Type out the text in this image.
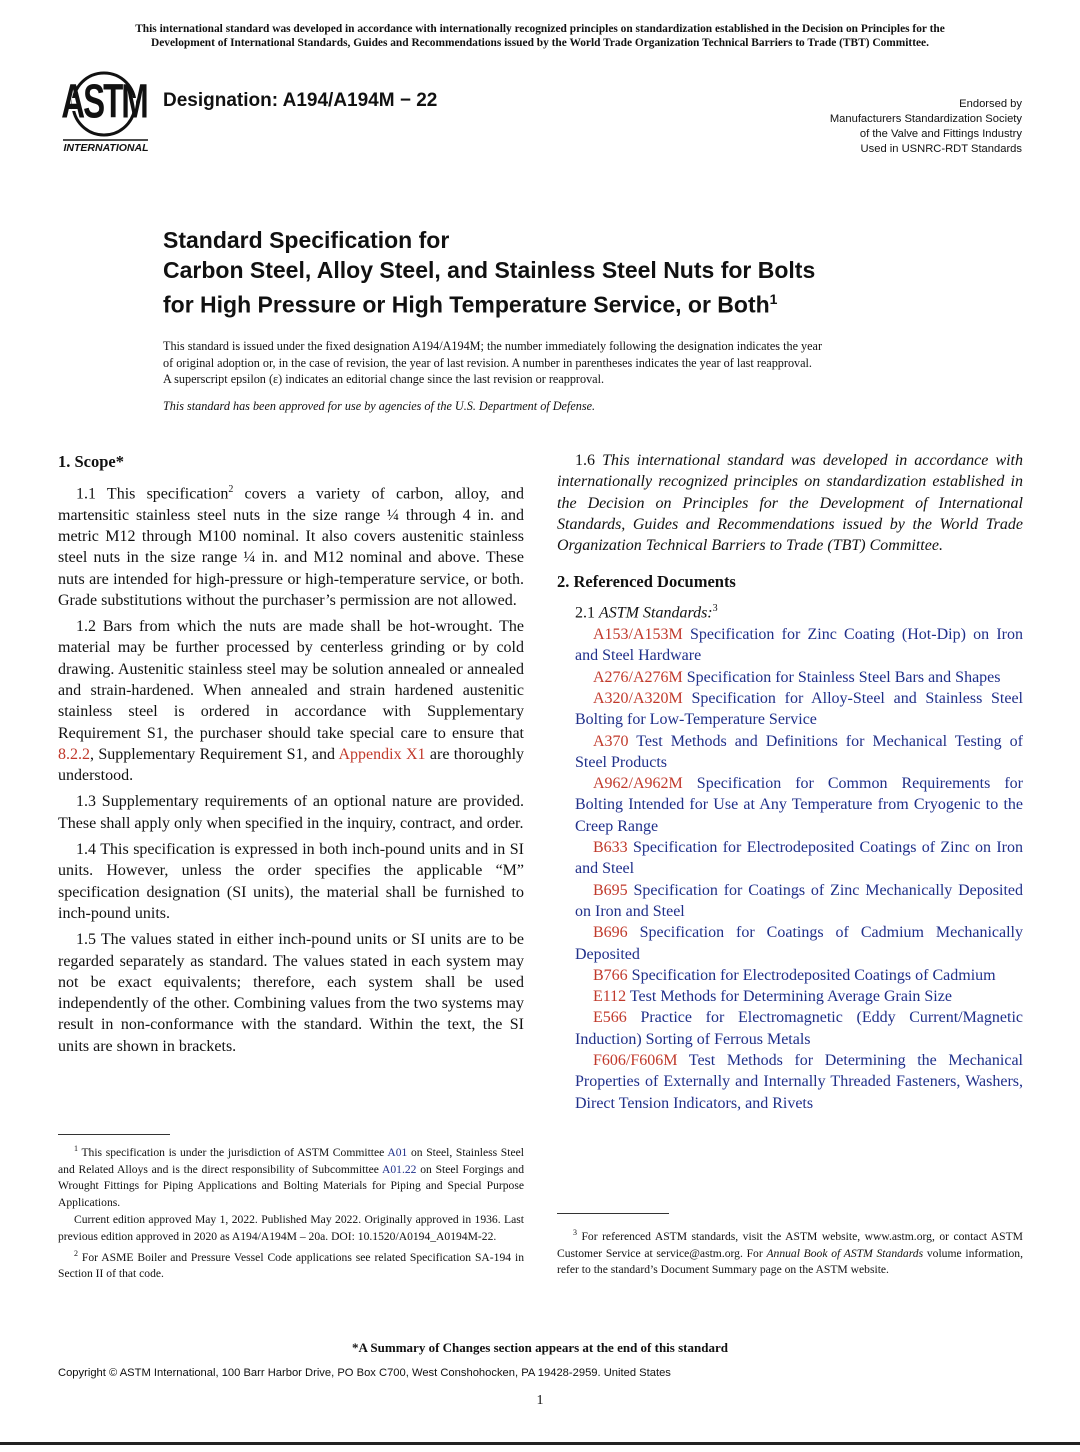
This international standard was developed in accordance with internationally recognized principles on standardization established in the Decision on Principles for the
Development of International Standards, Guides and Recommendations issued by the World Trade Organization Technical Barriers to Trade (TBT) Committee.
ASTM
INTERNATIONAL
Designation: A194/A194M − 22	Endorsed by
Manufacturers Standardization Society
of the Valve and Fittings Industry
Used in USNRC-RDT Standards
Standard Specification for
Carbon Steel, Alloy Steel, and Stainless Steel Nuts for Bolts
for High Pressure or High Temperature Service, or Both$^1$
This standard is issued under the fixed designation A194/A194M; the number immediately following the designation indicates the year
of original adoption or, in the case of revision, the year of last revision. A number in parentheses indicates the year of last reapproval.
A superscript epsilon (ε) indicates an editorial change since the last revision or reapproval.
This standard has been approved for use by agencies of the U.S. Department of Defense.
1. Scope*

1.1 This specification$^2$ covers a variety of carbon, alloy, and martensitic stainless steel nuts in the size range ¼ through 4 in. and metric M12 through M100 nominal. It also covers austenitic stainless steel nuts in the size range ¼ in. and M12 nominal and above. These nuts are intended for high-pressure or high-temperature service, or both. Grade substitutions without the purchaser’s permission are not allowed.

1.2 Bars from which the nuts are made shall be hot-wrought. The material may be further processed by centerless grinding or by cold drawing. Austenitic stainless steel may be solution annealed or annealed and strain-hardened. When annealed and strain hardened austenitic stainless steel is ordered in accordance with Supplementary Requirement S1, the purchaser should take special care to ensure that 8.2.2, Supplementary Requirement S1, and Appendix X1 are thoroughly understood.

1.3 Supplementary requirements of an optional nature are provided. These shall apply only when specified in the inquiry, contract, and order.

1.4 This specification is expressed in both inch-pound units and in SI units. However, unless the order specifies the applicable “M” specification designation (SI units), the material shall be furnished to inch-pound units.

1.5 The values stated in either inch-pound units or SI units are to be regarded separately as standard. The values stated in each system may not be exact equivalents; therefore, each system shall be used independently of the other. Combining values from the two systems may result in non-conformance with the standard. Within the text, the SI units are shown in brackets.

$^1$ This specification is under the jurisdiction of ASTM Committee A01 on Steel, Stainless Steel and Related Alloys and is the direct responsibility of Subcommittee A01.22 on Steel Forgings and Wrought Fittings for Piping Applications and Bolting Materials for Piping and Special Purpose Applications.

Current edition approved May 1, 2022. Published May 2022. Originally approved in 1936. Last previous edition approved in 2020 as A194/A194M – 20a. DOI: 10.1520/A0194_A0194M-22.

$^2$ For ASME Boiler and Pressure Vessel Code applications see related Specification SA-194 in Section II of that code.

1.6 This international standard was developed in accordance with internationally recognized principles on standardization established in the Decision on Principles for the Development of International Standards, Guides and Recommendations issued by the World Trade Organization Technical Barriers to Trade (TBT) Committee.

2. Referenced Documents

2.1 ASTM Standards:$^3$

A153/A153M Specification for Zinc Coating (Hot-Dip) on Iron and Steel Hardware

A276/A276M Specification for Stainless Steel Bars and Shapes

A320/A320M Specification for Alloy-Steel and Stainless Steel Bolting for Low-Temperature Service

A370 Test Methods and Definitions for Mechanical Testing of Steel Products

A962/A962M Specification for Common Requirements for Bolting Intended for Use at Any Temperature from Cryogenic to the Creep Range

B633 Specification for Electrodeposited Coatings of Zinc on Iron and Steel

B695 Specification for Coatings of Zinc Mechanically Deposited on Iron and Steel

B696 Specification for Coatings of Cadmium Mechanically Deposited

B766 Specification for Electrodeposited Coatings of Cadmium

E112 Test Methods for Determining Average Grain Size

E566 Practice for Electromagnetic (Eddy Current/Magnetic Induction) Sorting of Ferrous Metals

F606/F606M Test Methods for Determining the Mechanical Properties of Externally and Internally Threaded Fasteners, Washers, Direct Tension Indicators, and Rivets

$^3$ For referenced ASTM standards, visit the ASTM website, www.astm.org, or contact ASTM Customer Service at service@astm.org. For Annual Book of ASTM Standards volume information, refer to the standard’s Document Summary page on the ASTM website.

*A Summary of Changes section appears at the end of this standard
Copyright © ASTM International, 100 Barr Harbor Drive, PO Box C700, West Conshohocken, PA 19428-2959. United States
1
